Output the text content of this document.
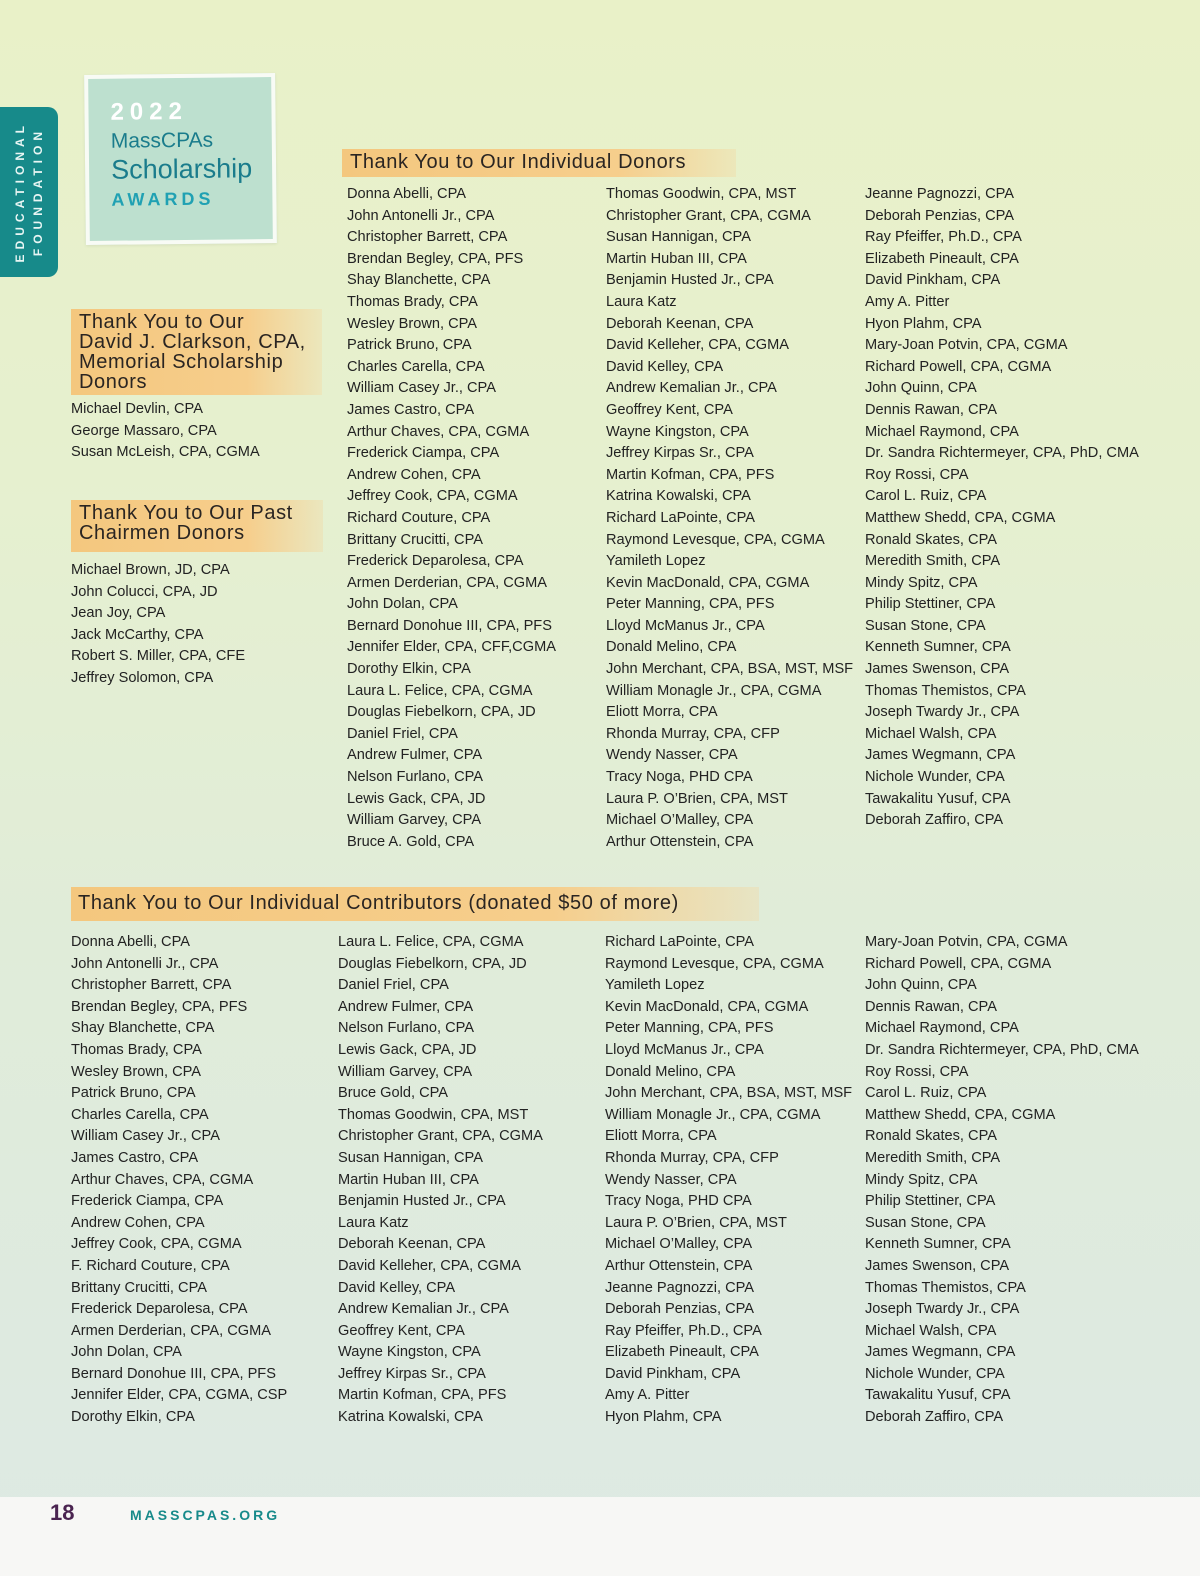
EDUCATIONAL FOUNDATION
2022
MassCPAs
Scholarship
AWARDS
Thank You to Our
David J. Clarkson, CPA,
Memorial Scholarship
Donors
Michael Devlin, CPA
George Massaro, CPA
Susan McLeish, CPA, CGMA
Thank You to Our Past
Chairmen Donors
Michael Brown, JD, CPA
John Colucci, CPA, JD
Jean Joy, CPA
Jack McCarthy, CPA
Robert S. Miller, CPA, CFE
Jeffrey Solomon, CPA
Thank You to Our Individual Donors
Donna Abelli, CPA
John Antonelli Jr., CPA
Christopher Barrett, CPA
Brendan Begley, CPA, PFS
Shay Blanchette, CPA
Thomas Brady, CPA
Wesley Brown, CPA
Patrick Bruno, CPA
Charles Carella, CPA
William Casey Jr., CPA
James Castro, CPA
Arthur Chaves, CPA, CGMA
Frederick Ciampa, CPA
Andrew Cohen, CPA
Jeffrey Cook, CPA, CGMA
Richard Couture, CPA
Brittany Crucitti, CPA
Frederick Deparolesa, CPA
Armen Derderian, CPA, CGMA
John Dolan, CPA
Bernard Donohue III, CPA, PFS
Jennifer Elder, CPA, CFF,CGMA
Dorothy Elkin, CPA
Laura L. Felice, CPA, CGMA
Douglas Fiebelkorn, CPA, JD
Daniel Friel, CPA
Andrew Fulmer, CPA
Nelson Furlano, CPA
Lewis Gack, CPA, JD
William Garvey, CPA
Bruce A. Gold, CPA
Thomas Goodwin, CPA, MST
Christopher Grant, CPA, CGMA
Susan Hannigan, CPA
Martin Huban III, CPA
Benjamin Husted Jr., CPA
Laura Katz
Deborah Keenan, CPA
David Kelleher, CPA, CGMA
David Kelley, CPA
Andrew Kemalian Jr., CPA
Geoffrey Kent, CPA
Wayne Kingston, CPA
Jeffrey Kirpas Sr., CPA
Martin Kofman, CPA, PFS
Katrina Kowalski, CPA
Richard LaPointe, CPA
Raymond Levesque, CPA, CGMA
Yamileth Lopez
Kevin MacDonald, CPA, CGMA
Peter Manning, CPA, PFS
Lloyd McManus Jr., CPA
Donald Melino, CPA
John Merchant, CPA, BSA, MST, MSF
William Monagle Jr., CPA, CGMA
Eliott Morra, CPA
Rhonda Murray, CPA, CFP
Wendy Nasser, CPA
Tracy Noga, PHD CPA
Laura P. O’Brien, CPA, MST
Michael O’Malley, CPA
Arthur Ottenstein, CPA
Jeanne Pagnozzi, CPA
Deborah Penzias, CPA
Ray Pfeiffer, Ph.D., CPA
Elizabeth Pineault, CPA
David Pinkham, CPA
Amy A. Pitter
Hyon Plahm, CPA
Mary-Joan Potvin, CPA, CGMA
Richard Powell, CPA, CGMA
John Quinn, CPA
Dennis Rawan, CPA
Michael Raymond, CPA
Dr. Sandra Richtermeyer, CPA, PhD, CMA
Roy Rossi, CPA
Carol L. Ruiz, CPA
Matthew Shedd, CPA, CGMA
Ronald Skates, CPA
Meredith Smith, CPA
Mindy Spitz, CPA
Philip Stettiner, CPA
Susan Stone, CPA
Kenneth Sumner, CPA
James Swenson, CPA
Thomas Themistos, CPA
Joseph Twardy Jr., CPA
Michael Walsh, CPA
James Wegmann, CPA
Nichole Wunder, CPA
Tawakalitu Yusuf, CPA
Deborah Zaffiro, CPA
Thank You to Our Individual Contributors (donated $50 of more)
Donna Abelli, CPA
John Antonelli Jr., CPA
Christopher Barrett, CPA
Brendan Begley, CPA, PFS
Shay Blanchette, CPA
Thomas Brady, CPA
Wesley Brown, CPA
Patrick Bruno, CPA
Charles Carella, CPA
William Casey Jr., CPA
James Castro, CPA
Arthur Chaves, CPA, CGMA
Frederick Ciampa, CPA
Andrew Cohen, CPA
Jeffrey Cook, CPA, CGMA
F. Richard Couture, CPA
Brittany Crucitti, CPA
Frederick Deparolesa, CPA
Armen Derderian, CPA, CGMA
John Dolan, CPA
Bernard Donohue III, CPA, PFS
Jennifer Elder, CPA, CGMA, CSP
Dorothy Elkin, CPA
Laura L. Felice, CPA, CGMA
Douglas Fiebelkorn, CPA, JD
Daniel Friel, CPA
Andrew Fulmer, CPA
Nelson Furlano, CPA
Lewis Gack, CPA, JD
William Garvey, CPA
Bruce Gold, CPA
Thomas Goodwin, CPA, MST
Christopher Grant, CPA, CGMA
Susan Hannigan, CPA
Martin Huban III, CPA
Benjamin Husted Jr., CPA
Laura Katz
Deborah Keenan, CPA
David Kelleher, CPA, CGMA
David Kelley, CPA
Andrew Kemalian Jr., CPA
Geoffrey Kent, CPA
Wayne Kingston, CPA
Jeffrey Kirpas Sr., CPA
Martin Kofman, CPA, PFS
Katrina Kowalski, CPA
Richard LaPointe, CPA
Raymond Levesque, CPA, CGMA
Yamileth Lopez
Kevin MacDonald, CPA, CGMA
Peter Manning, CPA, PFS
Lloyd McManus Jr., CPA
Donald Melino, CPA
John Merchant, CPA, BSA, MST, MSF
William Monagle Jr., CPA, CGMA
Eliott Morra, CPA
Rhonda Murray, CPA, CFP
Wendy Nasser, CPA
Tracy Noga, PHD CPA
Laura P. O’Brien, CPA, MST
Michael O’Malley, CPA
Arthur Ottenstein, CPA
Jeanne Pagnozzi, CPA
Deborah Penzias, CPA
Ray Pfeiffer, Ph.D., CPA
Elizabeth Pineault, CPA
David Pinkham, CPA
Amy A. Pitter
Hyon Plahm, CPA
Mary-Joan Potvin, CPA, CGMA
Richard Powell, CPA, CGMA
John Quinn, CPA
Dennis Rawan, CPA
Michael Raymond, CPA
Dr. Sandra Richtermeyer, CPA, PhD, CMA
Roy Rossi, CPA
Carol L. Ruiz, CPA
Matthew Shedd, CPA, CGMA
Ronald Skates, CPA
Meredith Smith, CPA
Mindy Spitz, CPA
Philip Stettiner, CPA
Susan Stone, CPA
Kenneth Sumner, CPA
James Swenson, CPA
Thomas Themistos, CPA
Joseph Twardy Jr., CPA
Michael Walsh, CPA
James Wegmann, CPA
Nichole Wunder, CPA
Tawakalitu Yusuf, CPA
Deborah Zaffiro, CPA
18	MASSCPAS.ORG
